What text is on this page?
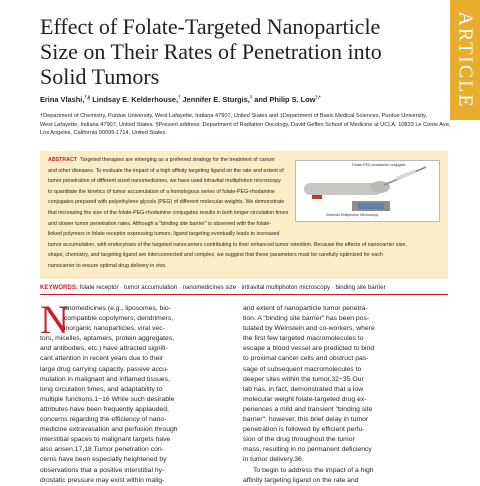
ARTICLE
Effect of Folate-Targeted Nanoparticle
Size on Their Rates of Penetration into
Solid Tumors
Erina Vlashi,†,§ Lindsay E. Kelderhouse,† Jennifer E. Sturgis,‡ and Philip S. Low†,*
†Department of Chemistry, Purdue University, West Lafayette, Indiana 47907, United States and ‡Department of Basic Medical Sciences, Purdue University,
West Lafayette, Indiana 47907, United States. §Present address: Department of Radiation Oncology, David Geffen School of Medicine at UCLA, 10833 Le Conte Ave,
Los Angeles, California 90095-1714, United States.
ABSTRACT Targeted therapies are emerging as a preferred strategy for the treatment of cancer
and other diseases. To evaluate the impact of a high affinity targeting ligand on the rate and extent of
tumor penetration of different sized nanomedicines, we have used intravital multiphoton microscopy
to quantitate the kinetics of tumor accumulation of a homologous series of folate-PEG-rhodamine
conjugates prepared with polyethylene glycols (PEG) of different molecular weights. We demonstrate
that increasing the size of the folate-PEG-rhodamine conjugates results in both longer circulation times
and slower tumor penetration rates. Although a "binding site barrier" is observed with the folate-
linked polymers in folate receptor expressing tumors, ligand targeting eventually leads to increased
tumor accumulation, with endocytosis of the targeted nanocarriers contributing to their enhanced tumor retention. Because the effects of nanocarrier size,
shape, chemistry, and targeting ligand are interconnected and complex, we suggest that these parameters must be carefully optimized for each
nanocarrier to ensure optimal drug delivery in vivo.
Folate-PEG-rhodamine conjugate
Intravital Multiphoton Microscopy
KEYWORDS: folate receptor · tumor accumulation · nanomedicines size · intravital multiphoton microscopy · binding site barrier
N
anomedicines (e.g., liposomes, bio-
compatible copolymers, dendrimers,
inorganic nanoparticles, viral vec-
tors, micelles, aptamers, protein aggregates,
and antibodies, etc.) have attracted signifi-
cant attention in recent years due to their
large drug carrying capacity, passive accu-
mulation in malignant and inflamed tissues,
long circulation times, and adaptability to
multiple functions.1−16 While such desirable
attributes have been frequently applauded,
concerns regarding the efficiency of nano-
medicine extravasation and perfusion through
interstitial spaces to malignant targets have
also arisen.17,18 Tumor penetration con-
cerns have been especially heightened by
observations that a positive interstitial hy-
drostatic pressure may exist within malig-
and extent of nanoparticle tumor penetra-
tion. A "binding site barrier" has been pos-
tulated by Weinstein and co-workers, where
the first few targeted macromolecules to
escape a blood vessel are predicted to bind
to proximal cancer cells and obstruct pas-
sage of subsequent macromolecules to
deeper sites within the tumor.32−35 Our
lab has, in fact, demonstrated that a low
molecular weight folate-targeted drug ex-
periences a mild and transient "binding site
barrier"; however, this brief delay in tumor
penetration is followed by efficient perfu-
sion of the drug throughout the tumor
mass, resulting in no permanent deficiency
in tumor delivery.36
To begin to address the impact of a high
affinity targeting ligand on the rate and
